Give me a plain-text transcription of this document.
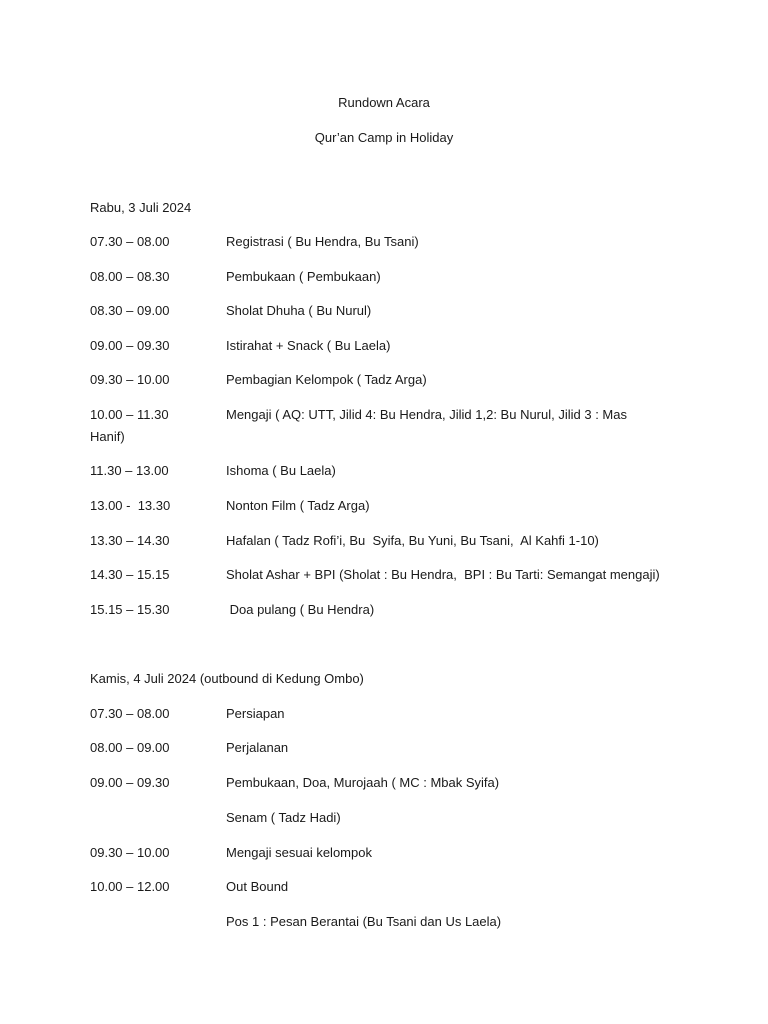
Rundown Acara
Qur’an Camp in Holiday
Rabu, 3 Juli 2024
07.30 – 08.00	Registrasi ( Bu Hendra, Bu Tsani)
08.00 – 08.30	Pembukaan ( Pembukaan)
08.30 – 09.00	Sholat Dhuha ( Bu Nurul)
09.00 – 09.30	Istirahat + Snack ( Bu Laela)
09.30 – 10.00	Pembagian Kelompok ( Tadz Arga)
10.00 – 11.30	Mengaji ( AQ: UTT, Jilid 4: Bu Hendra, Jilid 1,2: Bu Nurul, Jilid 3 : Mas
Hanif)
11.30 – 13.00	Ishoma ( Bu Laela)
13.00 -  13.30	Nonton Film ( Tadz Arga)
13.30 – 14.30	Hafalan ( Tadz Rofi’i, Bu  Syifa, Bu Yuni, Bu Tsani,  Al Kahfi 1-10)
14.30 – 15.15	Sholat Ashar + BPI (Sholat : Bu Hendra,  BPI : Bu Tarti: Semangat mengaji)
15.15 – 15.30	Doa pulang ( Bu Hendra)
Kamis, 4 Juli 2024 (outbound di Kedung Ombo)
07.30 – 08.00	Persiapan
08.00 – 09.00	Perjalanan
09.00 – 09.30	Pembukaan, Doa, Murojaah ( MC : Mbak Syifa)
Senam ( Tadz Hadi)
09.30 – 10.00	Mengaji sesuai kelompok
10.00 – 12.00	Out Bound
Pos 1 : Pesan Berantai (Bu Tsani dan Us Laela)
